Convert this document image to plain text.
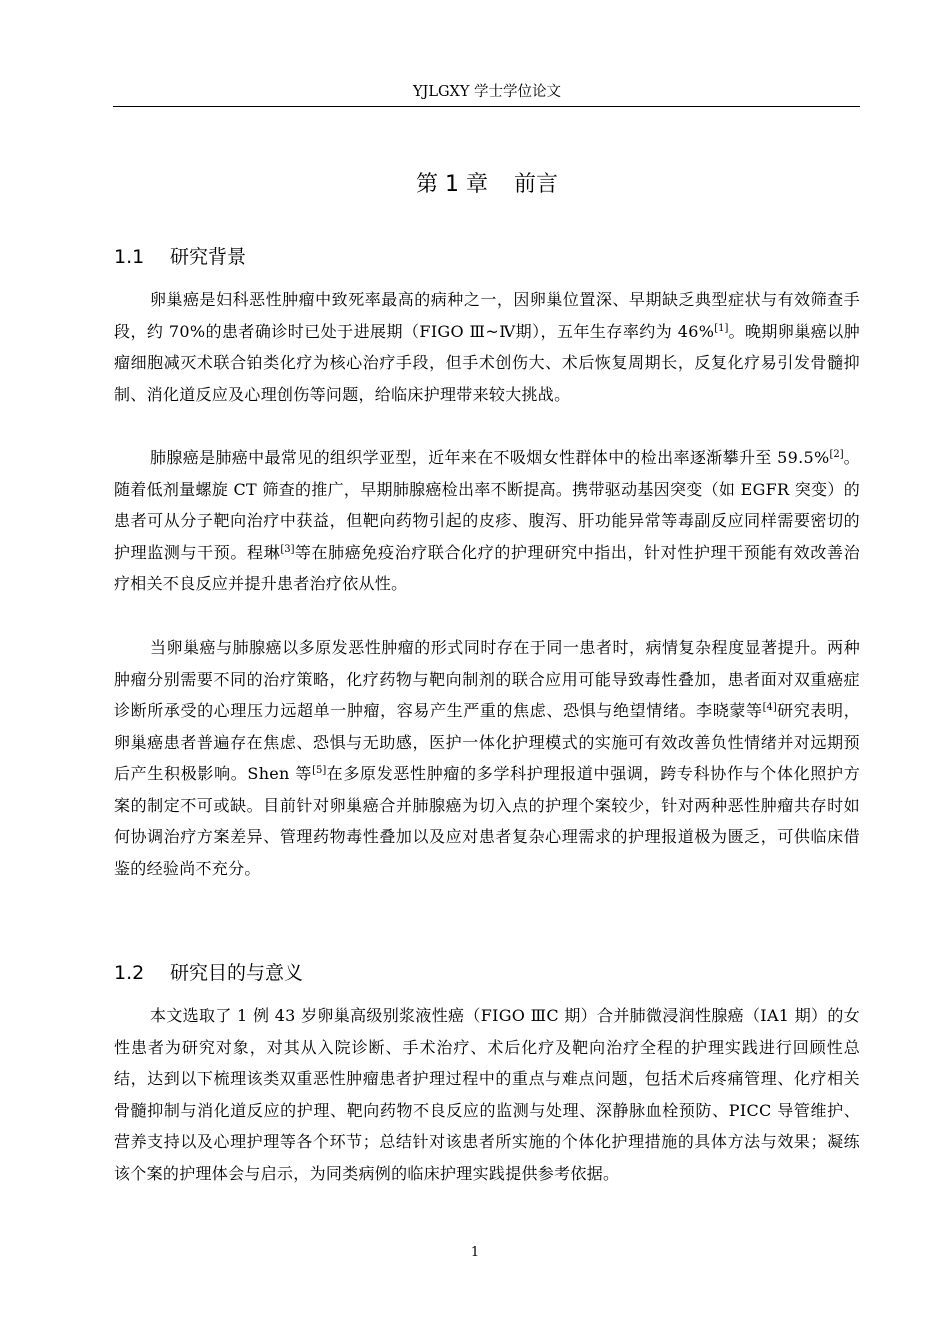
YJLGXY 学士学位论文
第 1 章 前言
1.1 研究背景

卵巢癌是妇科恶性肿瘤中致死率最高的病种之一，因卵巢位置深、早期缺乏典型症状与有效筛查手段，约 70%的患者确诊时已处于进展期（FIGO Ⅲ~Ⅳ期），五年生存率约为 46%[1]。晚期卵巢癌以肿瘤细胞减灭术联合铂类化疗为核心治疗手段，但手术创伤大、术后恢复周期长，反复化疗易引发骨髓抑制、消化道反应及心理创伤等问题，给临床护理带来较大挑战。

肺腺癌是肺癌中最常见的组织学亚型，近年来在不吸烟女性群体中的检出率逐渐攀升至 59.5%[2]。随着低剂量螺旋 CT 筛查的推广，早期肺腺癌检出率不断提高。携带驱动基因突变（如 EGFR 突变）的患者可从分子靶向治疗中获益，但靶向药物引起的皮疹、腹泻、肝功能异常等毒副反应同样需要密切的护理监测与干预。程琳[3]等在肺癌免疫治疗联合化疗的护理研究中指出，针对性护理干预能有效改善治疗相关不良反应并提升患者治疗依从性。

当卵巢癌与肺腺癌以多原发恶性肿瘤的形式同时存在于同一患者时，病情复杂程度显著提升。两种肿瘤分别需要不同的治疗策略，化疗药物与靶向制剂的联合应用可能导致毒性叠加，患者面对双重癌症诊断所承受的心理压力远超单一肿瘤，容易产生严重的焦虑、恐惧与绝望情绪。李晓蒙等[4]研究表明，卵巢癌患者普遍存在焦虑、恐惧与无助感，医护一体化护理模式的实施可有效改善负性情绪并对远期预后产生积极影响。Shen 等[5]在多原发恶性肿瘤的多学科护理报道中强调，跨专科协作与个体化照护方案的制定不可或缺。目前针对卵巢癌合并肺腺癌为切入点的护理个案较少，针对两种恶性肿瘤共存时如何协调治疗方案差异、管理药物毒性叠加以及应对患者复杂心理需求的护理报道极为匮乏，可供临床借鉴的经验尚不充分。

1.2 研究目的与意义

本文选取了 1 例 43 岁卵巢高级别浆液性癌（FIGO ⅢC 期）合并肺微浸润性腺癌（ⅠA1 期）的女性患者为研究对象，对其从入院诊断、手术治疗、术后化疗及靶向治疗全程的护理实践进行回顾性总结，达到以下梳理该类双重恶性肿瘤患者护理过程中的重点与难点问题，包括术后疼痛管理、化疗相关骨髓抑制与消化道反应的护理、靶向药物不良反应的监测与处理、深静脉血栓预防、PICC 导管维护、营养支持以及心理护理等各个环节；总结针对该患者所实施的个体化护理措施的具体方法与效果；凝练该个案的护理体会与启示，为同类病例的临床护理实践提供参考依据。

1
